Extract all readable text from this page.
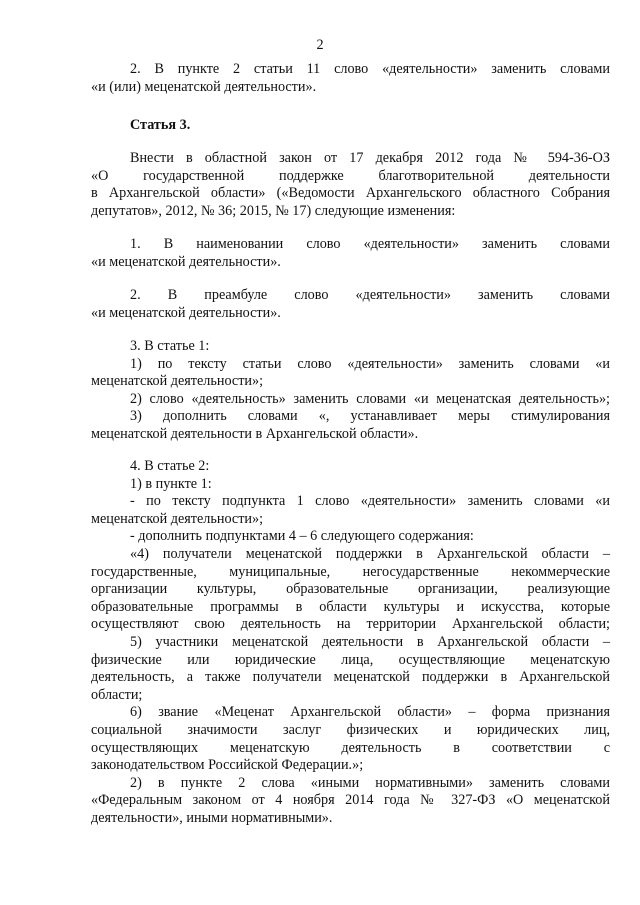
2
2. В пункте 2 статьи 11 слово «деятельности» заменить словами
«и (или) меценатской деятельности».
Статья 3.
Внести в областной закон от 17 декабря 2012 года № 594-36-ОЗ
«О государственной поддержке благотворительной деятельности
в Архангельской области» («Ведомости Архангельского областного Собрания
депутатов», 2012, № 36; 2015, № 17) следующие изменения:
1. В наименовании слово «деятельности» заменить словами
«и меценатской деятельности».
2. В преамбуле слово «деятельности» заменить словами
«и меценатской деятельности».
3. В статье 1:
1) по тексту статьи слово «деятельности» заменить словами «и
меценатской деятельности»;
2) слово «деятельность» заменить словами «и меценатская деятельность»;
3) дополнить словами «, устанавливает меры стимулирования
меценатской деятельности в Архангельской области».
4. В статье 2:
1) в пункте 1:
- по тексту подпункта 1 слово «деятельности» заменить словами «и
меценатской деятельности»;
- дополнить подпунктами 4 – 6 следующего содержания:
«4) получатели меценатской поддержки в Архангельской области –
государственные, муниципальные, негосударственные некоммерческие
организации культуры, образовательные организации, реализующие
образовательные программы в области культуры и искусства, которые
осуществляют свою деятельность на территории Архангельской области;
5) участники меценатской деятельности в Архангельской области –
физические или юридические лица, осуществляющие меценатскую
деятельность, а также получатели меценатской поддержки в Архангельской
области;
6) звание «Меценат Архангельской области» – форма признания
социальной значимости заслуг физических и юридических лиц,
осуществляющих меценатскую деятельность в соответствии с
законодательством Российской Федерации.»;
2) в пункте 2 слова «иными нормативными» заменить словами
«Федеральным законом от 4 ноября 2014 года № 327-ФЗ «О меценатской
деятельности», иными нормативными».
